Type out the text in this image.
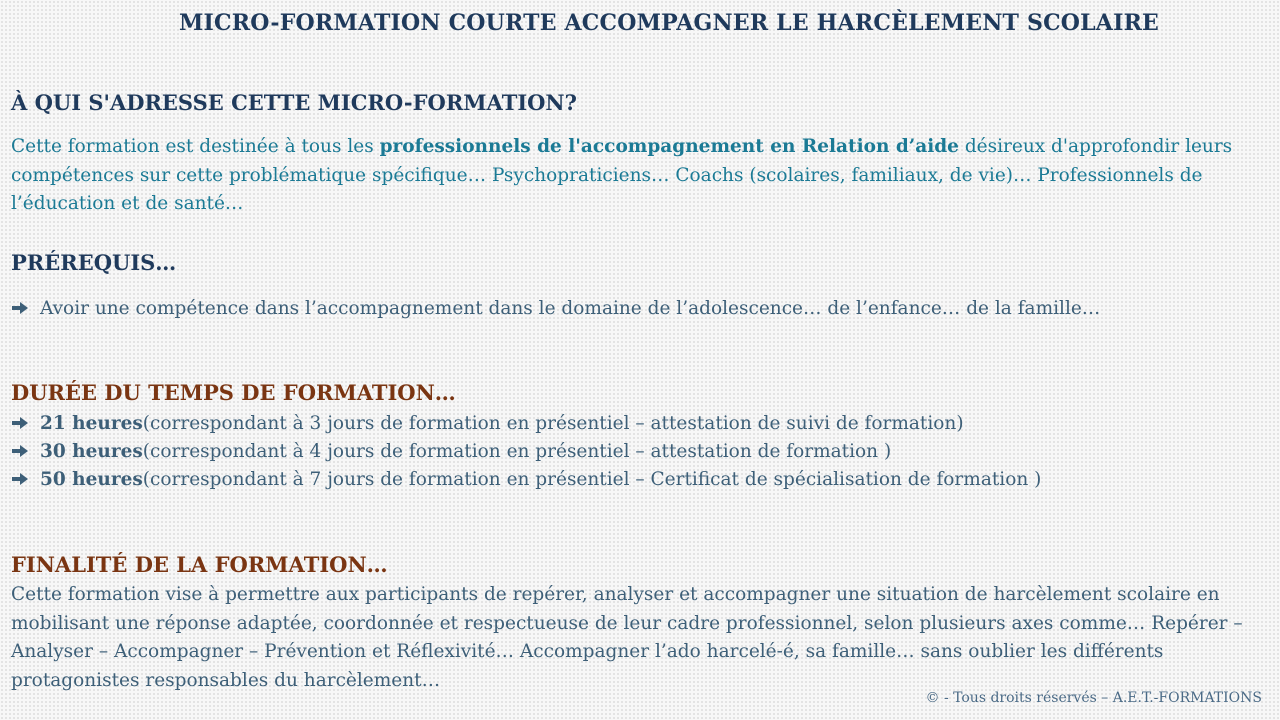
MICRO-FORMATION COURTE ACCOMPAGNER LE HARCÈLEMENT SCOLAIRE
À QUI S'ADRESSE CETTE MICRO-FORMATION?
Cette formation est destinée à tous les professionnels de l'accompagnement en Relation d’aide désireux d'approfondir leurs compétences sur cette problématique spécifique… Psychopraticiens… Coachs (scolaires, familiaux, de vie)… Professionnels de l’éducation et de santé…
PRÉREQUIS…
Avoir une compétence dans l’accompagnement dans le domaine de l’adolescence… de l’enfance… de la famille…
DURÉE DU TEMPS DE FORMATION…
21 heures (correspondant à 3 jours de formation en présentiel – attestation de suivi de formation)
30 heures (correspondant à 4 jours de formation en présentiel – attestation de formation )
50 heures (correspondant à 7 jours de formation en présentiel – Certificat de spécialisation de formation )
FINALITÉ DE LA FORMATION…
Cette formation vise à permettre aux participants de repérer, analyser et accompagner une situation de harcèlement scolaire en mobilisant une réponse adaptée, coordonnée et respectueuse de leur cadre professionnel, selon plusieurs axes comme… Repérer – Analyser – Accompagner – Prévention et Réflexivité… Accompagner l’ado harcelé-é, sa famille… sans oublier les différents protagonistes responsables du harcèlement…
© - Tous droits réservés – A.E.T.-FORMATIONS
